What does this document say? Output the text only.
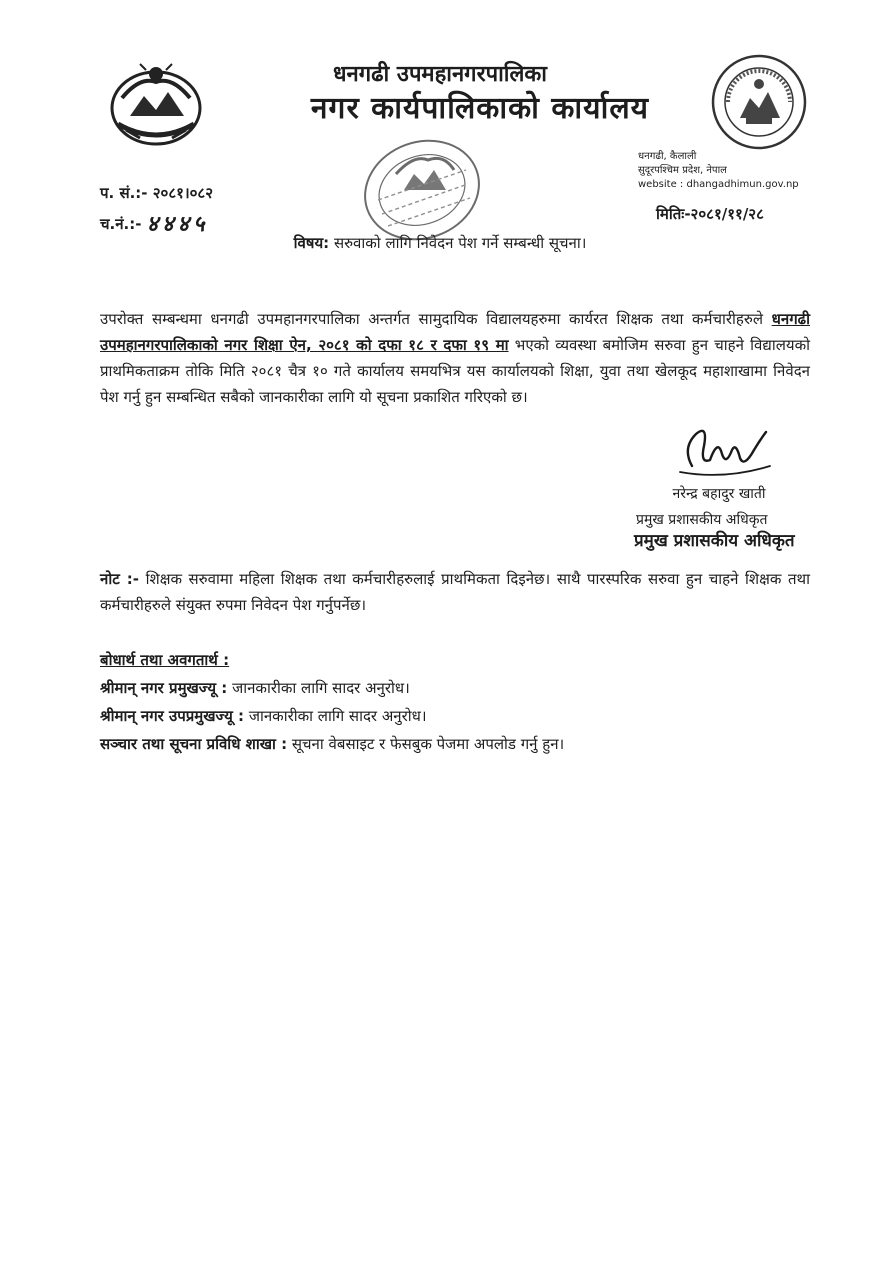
धनगढी उपमहानगरपालिका
नगर कार्यपालिकाको कार्यालय
धनगढी, कैलाली
सुदूरपश्चिम प्रदेश, नेपाल
website : dhangadhimun.gov.np
प. सं.:- २०८१।०८२
च.नं.:- ४४४५	मितिः-२०८१/११/२८
विषय: सरुवाको लागि निवेदन पेश गर्ने सम्बन्धी सूचना।
उपरोक्त सम्बन्धमा धनगढी उपमहानगरपालिका अन्तर्गत सामुदायिक विद्यालयहरुमा कार्यरत शिक्षक तथा कर्मचारीहरुले धनगढी उपमहानगरपालिकाको नगर शिक्षा ऐन, २०८१ को दफा १८ र दफा १९ मा भएको व्यवस्था बमोजिम सरुवा हुन चाहने विद्यालयको प्राथमिकताक्रम तोकि मिति २०८१ चैत्र १० गते कार्यालय समयभित्र यस कार्यालयको शिक्षा, युवा तथा खेलकूद महाशाखामा निवेदन पेश गर्नु हुन सम्बन्धित सबैको जानकारीका लागि यो सूचना प्रकाशित गरिएको छ।
नरेन्द्र बहादुर खाती
प्रमुख प्रशासकीय अधिकृत
प्रमुख प्रशासकीय अधिकृत
नोट :- शिक्षक सरुवामा महिला शिक्षक तथा कर्मचारीहरुलाई प्राथमिकता दिइनेछ। साथै पारस्परिक सरुवा हुन चाहने शिक्षक तथा कर्मचारीहरुले संयुक्त रुपमा निवेदन पेश गर्नुपर्नेछ।
बोधार्थ तथा अवगतार्थ :
श्रीमान् नगर प्रमुखज्यू : जानकारीका लागि सादर अनुरोध।
श्रीमान् नगर उपप्रमुखज्यू : जानकारीका लागि सादर अनुरोध।
सञ्चार तथा सूचना प्रविधि शाखा : सूचना वेबसाइट र फेसबुक पेजमा अपलोड गर्नु हुन।
